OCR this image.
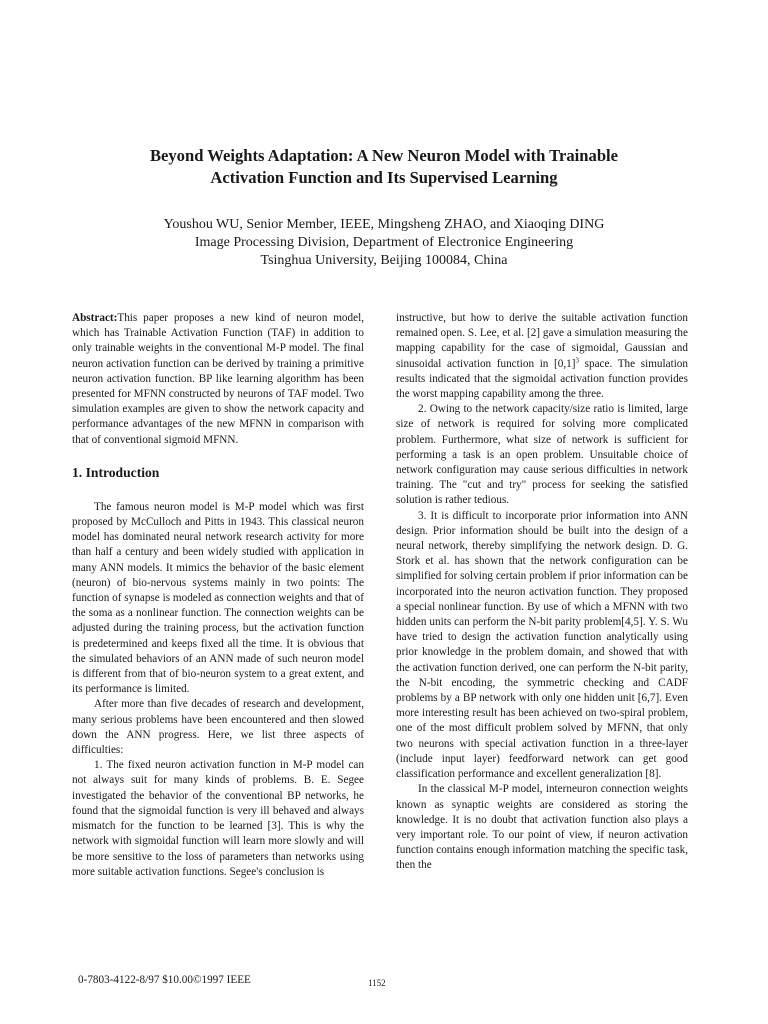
Beyond Weights Adaptation: A New Neuron Model with Trainable
Activation Function and Its Supervised Learning
Youshou WU, Senior Member, IEEE, Mingsheng ZHAO, and Xiaoqing DING
Image Processing Division, Department of Electronice Engineering
Tsinghua University, Beijing 100084, China

Abstract:This paper proposes a new kind of neuron model, which has Trainable Activation Function (TAF) in addition to only trainable weights in the conventional M-P model. The final neuron activation function can be derived by training a primitive neuron activation function. BP like learning algorithm has been presented for MFNN constructed by neurons of TAF model. Two simulation examples are given to show the network capacity and performance advantages of the new MFNN in comparison with that of conventional sigmoid MFNN.

1. Introduction

The famous neuron model is M-P model which was first proposed by McCulloch and Pitts in 1943. This classical neuron model has dominated neural network research activity for more than half a century and been widely studied with application in many ANN models. It mimics the behavior of the basic element (neuron) of bio-nervous systems mainly in two points: The function of synapse is modeled as connection weights and that of the soma as a nonlinear function. The connection weights can be adjusted during the training process, but the activation function is predetermined and keeps fixed all the time. It is obvious that the simulated behaviors of an ANN made of such neuron model is different from that of bio-neuron system to a great extent, and its performance is limited.

After more than five decades of research and development, many serious problems have been encountered and then slowed down the ANN progress. Here, we list three aspects of difficulties:

1. The fixed neuron activation function in M-P model can not always suit for many kinds of problems. B. E. Segee investigated the behavior of the conventional BP networks, he found that the sigmoidal function is very ill behaved and always mismatch for the function to be learned [3]. This is why the network with sigmoidal function will learn more slowly and will be more sensitive to the loss of parameters than networks using more suitable activation functions. Segee's conclusion is

instructive, but how to derive the suitable activation function remained open. S. Lee, et al. [2] gave a simulation measuring the mapping capability for the case of sigmoidal, Gaussian and sinusoidal activation function in $[0,1]^3$ space. The simulation results indicated that the sigmoidal activation function provides the worst mapping capability among the three.

2. Owing to the network capacity/size ratio is limited, large size of network is required for solving more complicated problem. Furthermore, what size of network is sufficient for performing a task is an open problem. Unsuitable choice of network configuration may cause serious difficulties in network training. The "cut and try" process for seeking the satisfied solution is rather tedious.

3. It is difficult to incorporate prior information into ANN design. Prior information should be built into the design of a neural network, thereby simplifying the network design. D. G. Stork et al. has shown that the network configuration can be simplified for solving certain problem if prior information can be incorporated into the neuron activation function. They proposed a special nonlinear function. By use of which a MFNN with two hidden units can perform the N-bit parity problem[4,5]. Y. S. Wu have tried to design the activation function analytically using prior knowledge in the problem domain, and showed that with the activation function derived, one can perform the N-bit parity, the N-bit encoding, the symmetric checking and CADF problems by a BP network with only one hidden unit [6,7]. Even more interesting result has been achieved on two-spiral problem, one of the most difficult problem solved by MFNN, that only two neurons with special activation function in a three-layer (include input layer) feedforward network can get good classification performance and excellent generalization [8].

In the classical M-P model, interneuron connection weights known as synaptic weights are considered as storing the knowledge. It is no doubt that activation function also plays a very important role. To our point of view, if neuron activation function contains enough information matching the specific task, then the

0-7803-4122-8/97 $10.00©1997 IEEE	1152
